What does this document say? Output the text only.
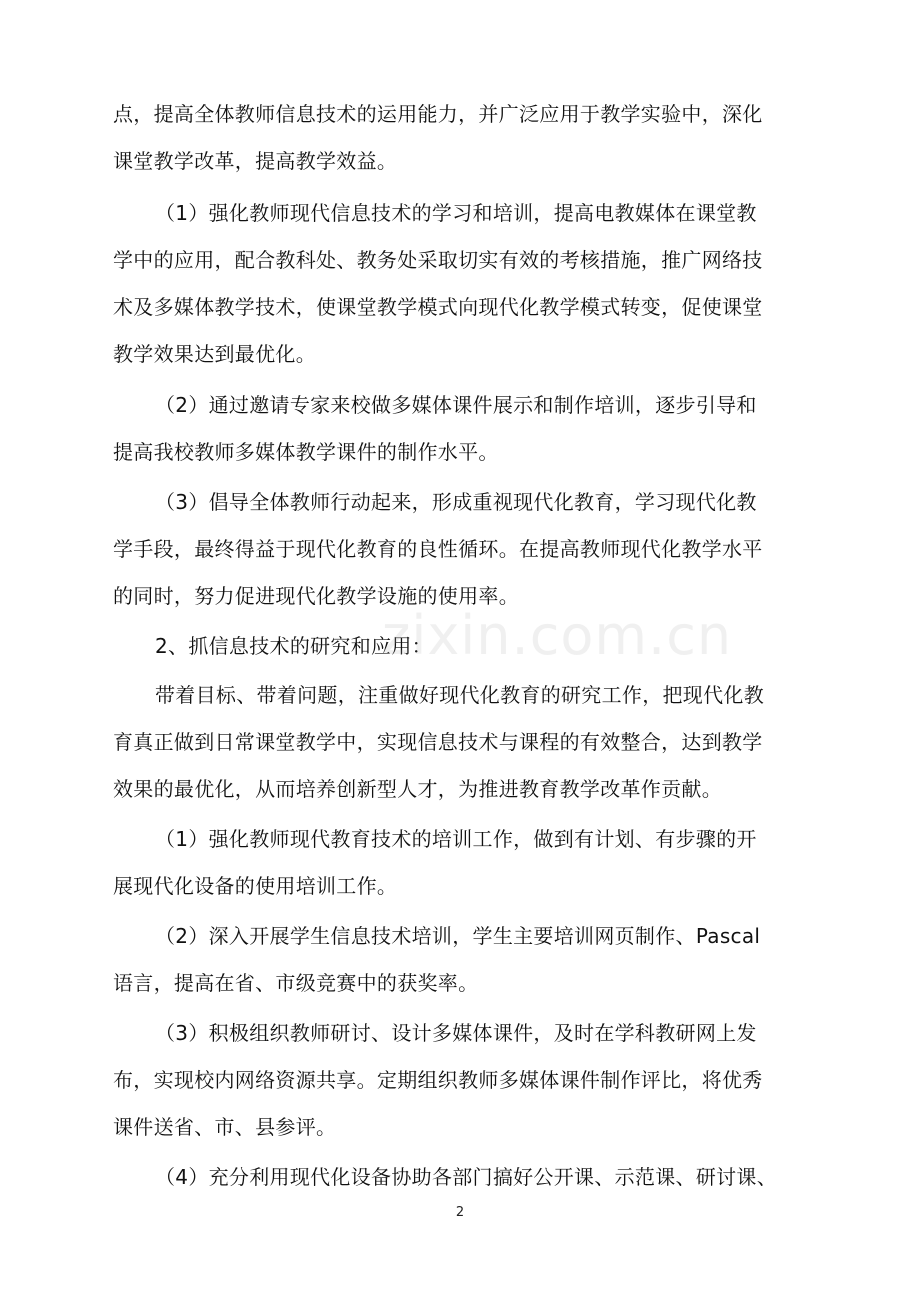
点，提高全体教师信息技术的运用能力，并广泛应用于教学实验中，深化
课堂教学改革，提高教学效益。
（1）强化教师现代信息技术的学习和培训，提高电教媒体在课堂教
学中的应用，配合教科处、教务处采取切实有效的考核措施，推广网络技
术及多媒体教学技术，使课堂教学模式向现代化教学模式转变，促使课堂
教学效果达到最优化。
（2）通过邀请专家来校做多媒体课件展示和制作培训，逐步引导和
提高我校教师多媒体教学课件的制作水平。
（3）倡导全体教师行动起来，形成重视现代化教育，学习现代化教
学手段，最终得益于现代化教育的良性循环。在提高教师现代化教学水平
的同时，努力促进现代化教学设施的使用率。
2、抓信息技术的研究和应用：
带着目标、带着问题，注重做好现代化教育的研究工作，把现代化教
育真正做到日常课堂教学中，实现信息技术与课程的有效整合，达到教学
效果的最优化，从而培养创新型人才，为推进教育教学改革作贡献。
（1）强化教师现代教育技术的培训工作，做到有计划、有步骤的开
展现代化设备的使用培训工作。
（2）深入开展学生信息技术培训，学生主要培训网页制作、Pascal
语言，提高在省、市级竞赛中的获奖率。
（3）积极组织教师研讨、设计多媒体课件，及时在学科教研网上发
布，实现校内网络资源共享。定期组织教师多媒体课件制作评比，将优秀
课件送省、市、县参评。
（4）充分利用现代化设备协助各部门搞好公开课、示范课、研讨课、
zixin.com.cn
2
